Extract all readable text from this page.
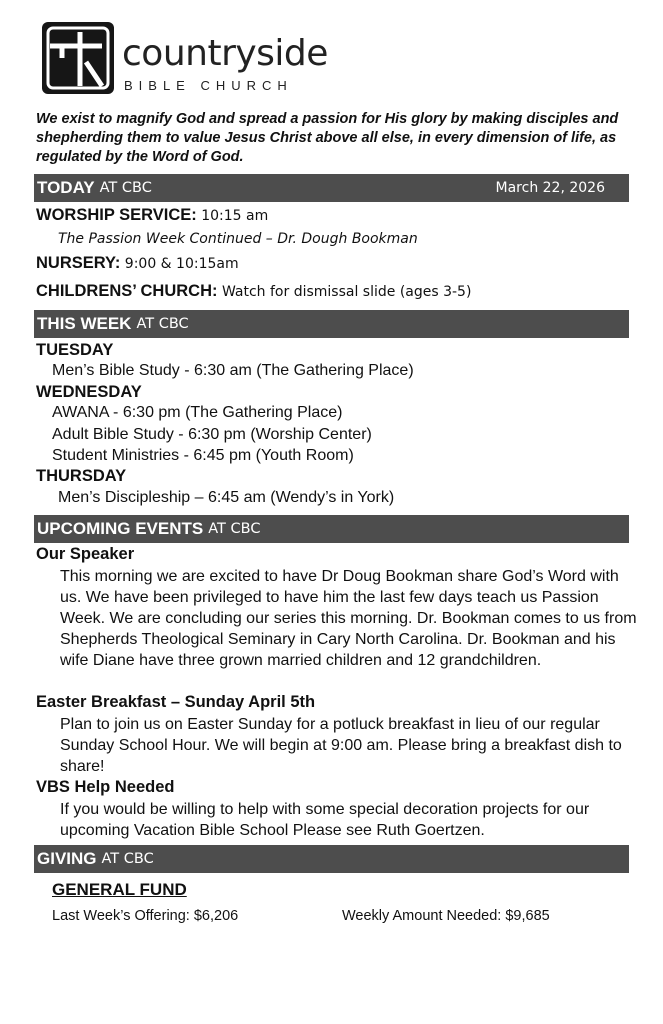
countryside
BIBLE CHURCH
We exist to magnify God and spread a passion for His glory by making disciples and shepherding them to value Jesus Christ above all else, in every dimension of life, as regulated by the Word of God.
TODAY AT CBC	March 22, 2026
WORSHIP SERVICE: 10:15 am
The Passion Week Continued – Dr. Dough Bookman
NURSERY: 9:00 & 10:15am
CHILDRENS’ CHURCH: Watch for dismissal slide (ages 3-5)
THIS WEEK AT CBC
TUESDAY
Men’s Bible Study - 6:30 am (The Gathering Place)
WEDNESDAY
AWANA - 6:30 pm (The Gathering Place)
Adult Bible Study - 6:30 pm (Worship Center)
Student Ministries - 6:45 pm (Youth Room)
THURSDAY
Men’s Discipleship – 6:45 am (Wendy’s in York)
UPCOMING EVENTS AT CBC
Our Speaker
This morning we are excited to have Dr Doug Bookman share God’s Word with us. We have been privileged to have him the last few days teach us Passion Week. We are concluding our series this morning. Dr. Bookman comes to us from Shepherds Theological Seminary in Cary North Carolina. Dr. Bookman and his wife Diane have three grown married children and 12 grandchildren.
Easter Breakfast – Sunday April 5th
Plan to join us on Easter Sunday for a potluck breakfast in lieu of our regular Sunday School Hour. We will begin at 9:00 am. Please bring a breakfast dish to share!
VBS Help Needed
If you would be willing to help with some special decoration projects for our upcoming Vacation Bible School Please see Ruth Goertzen.
GIVING AT CBC
GENERAL FUND
Last Week’s Offering: $6,206	Weekly Amount Needed: $9,685
